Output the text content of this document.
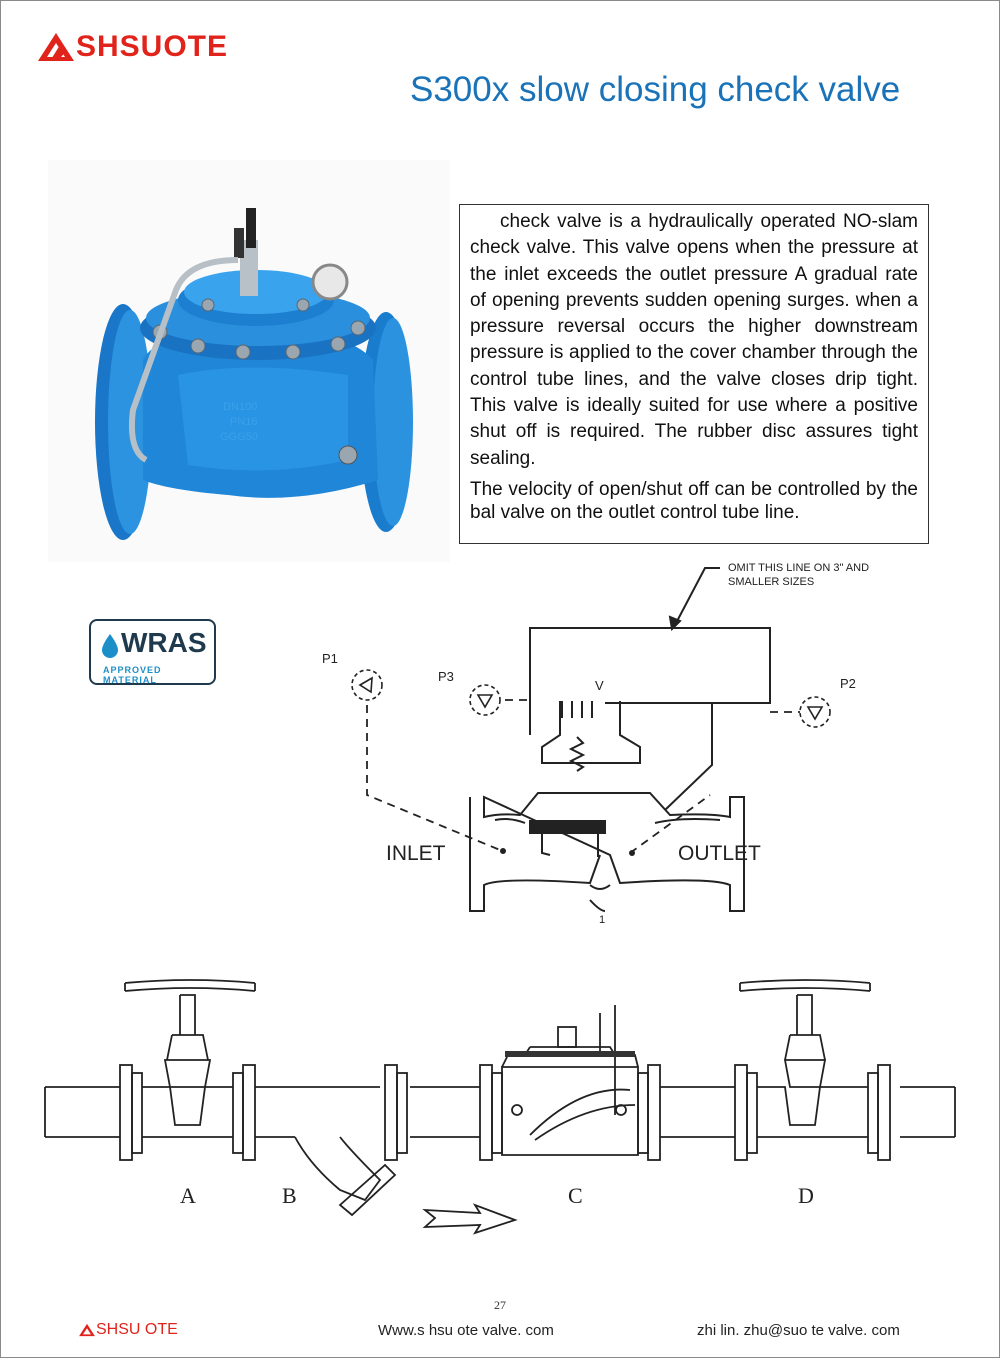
SHSUOTE
S300x slow closing check valve
DN100
PN16
GGG50

check valve is a hydraulically operated NO-slam check valve. This valve opens when the pressure at the inlet exceeds the outlet pressure A gradual rate of opening prevents sudden opening surges. when a pressure reversal occurs the higher downstream pressure is applied to the cover chamber through the control tube lines, and the valve closes drip tight. This valve is ideally suited for use where a positive shut off is required. The rubber disc assures tight sealing.

The velocity of open/shut off can be controlled by the bal valve on the outlet control tube line.

WRAS
APPROVED MATERIAL
OMIT THIS LINE ON 3" AND
SMALLER SIZES
P1
P3	P2
V
INLET	OUTLET
1
A	B	C	D
27
SHSU OTE	Www.s hsu ote valve. com	zhi lin. zhu@suo te valve. com
